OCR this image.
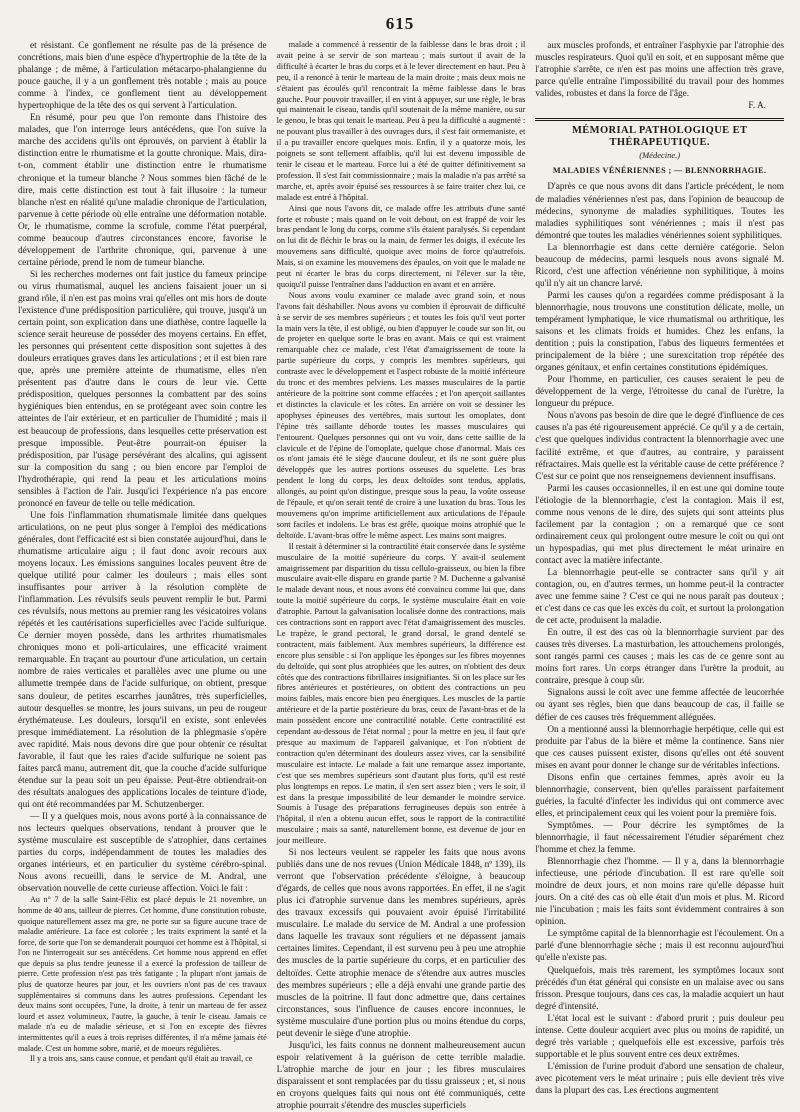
615

et résistant. Ce gonflement ne résulte pas de la présence de concrétions, mais bien d'une espèce d'hypertrophie de la tête de la phalange ; de même, à l'articulation métacarpo-phalangienne du pouce gauche, il y a un gonflement très notable ; mais au pouce comme à l'index, ce gonflement tient au développement hypertrophique de la tête des os qui servent à l'articulation.

En résumé, pour peu que l'on remonte dans l'histoire des malades, que l'on interroge leurs antécédens, que l'on suive la marche des accidens qu'ils ont éprouvés, on parvient à établir la distinction entre le rhumatisme et la goutte chronique. Mais, dira-t-on, comment établir une distinction entre le rhumatisme chronique et la tumeur blanche ? Nous sommes bien fâché de le dire, mais cette distinction est tout à fait illusoire : la tumeur blanche n'est en réalité qu'une maladie chronique de l'articulation, parvenue à cette période où elle entraîne une déformation notable. Or, le rhumatisme, comme la scrofule, comme l'état puerpéral, comme beaucoup d'autres circonstances encore, favorise le développement de l'arthrite chronique, qui, parvenue à une certaine période, prend le nom de tumeur blanche.

Si les recherches modernes ont fait justice du fameux principe ou virus rhumatismal, auquel les anciens faisaient jouer un si grand rôle, il n'en est pas moins vrai qu'elles ont mis hors de doute l'existence d'une prédisposition particulière, qui trouve, jusqu'à un certain point, son explication dans une diathèse, contre laquelle la science serait heureuse de posséder des moyens certains. En effet, les personnes qui présentent cette disposition sont sujettes à des douleurs erratiques graves dans les articulations ; et il est bien rare que, après une première atteinte de rhumatisme, elles n'en présentent pas d'autre dans le cours de leur vie. Cette prédisposition, quelques personnes la combattent par des soins hygiéniques bien entendus, en se protégeant avec soin contre les atteintes de l'air extérieur, et en particulier de l'humidité ; mais il est beaucoup de professions, dans lesquelles cette préservation est presque impossible. Peut-être pourrait-on épuiser la prédisposition, par l'usage persévérant des alcalins, qui agissent sur la composition du sang ; ou bien encore par l'emploi de l'hydrothérapie, qui rend la peau et les articulations moins sensibles à l'action de l'air. Jusqu'ici l'expérience n'a pas encore prononcé en faveur de telle ou telle médication.

Une fois l'inflammation rhumatismale limitée dans quelques articulations, on ne peut plus songer à l'emploi des médications générales, dont l'efficacité est si bien constatée aujourd'hui, dans le rhumatisme articulaire aigu ; il faut donc avoir recours aux moyens locaux. Les émissions sanguines locales peuvent être de quelque utilité pour calmer les douleurs ; mais elles sont insuffisantes pour arriver à la résolution complète de l'inflammation. Les révulsifs seuls peuvent remplir le but. Parmi ces révulsifs, nous mettons au premier rang les vésicatoires volans répétés et les cautérisations superficielles avec l'acide sulfurique. Ce dernier moyen possède, dans les arthrites rhumatismales chroniques mono et poli-articulaires, une efficacité vraiment remarquable. En traçant au pourtour d'une articulation, un certain nombre de raies verticales et parallèles avec une plume ou une allumette trempée dans de l'acide sulfurique, on obtient, presque sans douleur, de petites escarrhes jaunâtres, très superficielles, autour desquelles se montre, les jours suivans, un peu de rougeur érythémateuse. Les douleurs, lorsqu'il en existe, sont enlevées presque immédiatement. La résolution de la phlegmasie s'opère avec rapidité. Mais nous devons dire que pour obtenir ce résultat favorable, il faut que les raies d'acide sulfurique ne soient pas faites parcâ manu, autrement dit, que la couche d'acide sulfurique étendue sur la peau soit un peu épaisse. Peut-être obtiendrait-on des résultats analogues des applications locales de teinture d'iode, qui ont été recommandées par M. Schutzenberger.

— Il y a quelques mois, nous avons porté à la connaissance de nos lecteurs quelques observations, tendant à prouver que le système musculaire est susceptible de s'atrophier, dans certaines parties du corps, indépendamment de toutes les maladies des organes intérieurs, et en particulier du système cérébro-spinal. Nous avons recueilli, dans le service de M. Andral, une observation nouvelle de cette curieuse affection. Voici le fait :

Au n° 7 de la salle Saint-Félix est placé depuis le 21 novembre, un homme de 40 ans, tailleur de pierres. Cet homme, d'une constitution robuste, quoique naturellement assez ma gre, ne porte sur sa figure aucune trace de maladie antérieure. La face est colorée ; les traits expriment la santé et la force, de sorte que l'on se demanderait pourquoi cet homme est à l'hôpital, si l'on ne l'interrogeait sur ses antécédens. Cet homme nous apprend en effet que depuis sa plus tendre jeunesse il a exercé la profession de tailleur de pierre. Cette profession n'est pas très fatigante ; la plupart n'ont jamais de plus de quatorze heures par jour, et les ouvriers n'ont pas de ces travaux supplémentaires si communs dans les autres professions. Cependant les deux mains sont occupées, l'une, la droite, à tenir un marteau de fer assez lourd et assez volumineux, l'autre, la gauche, à tenir le ciseau. Jamais ce malade n'a eu de maladie sérieuse, et si l'on en excepte des fièvres intermittentes qu'il a eues à trois reprises différentes, il n'a même jamais été malade. C'est un homme sobre, marié, et de moeurs régulières.

Il y a trois ans, sans cause connue, et pendant qu'il était au travail, ce

malade a commencé à ressentir de la faiblesse dans le bras droit ; il avait peine à se servir de son marteau ; mais surtout il avait de la difficulté à écarter le bras du corps et à le lever directement en haut. Peu à peu, il a renoncé à tenir le marteau de la main droite ; mais deux mois ne s'étaient pas écoulés qu'il rencontrait la même faiblesse dans le bras gauche. Pour pouvoir travailler, il en vint à appuyer, sur une règle, le bras qui maintenait le ciseau, tandis qu'il soutenait de la même manière, ou sur le genou, le bras qui tenait le marteau. Peu à peu la difficulté a augmenté : ne pouvant plus travailler à des ouvrages durs, il s'est fait ormemaniste, et il a pu travailler encore quelques mois. Enfin, il y a quatorze mois, les poignets se sont tellement affaiblis, qu'il lui est devenu impossible de tenir le ciseau et le marteau. Force lui a été de quitter définitivement sa profession. Il s'est fait commissionnaire ; mais la maladie n'a pas arrêté sa marche, et, après avoir épuisé ses ressources à se faire traiter chez lui, ce malade est entré à l'hôpital.

Ainsi que nous l'avons dit, ce malade offre les attributs d'une santé forte et robuste ; mais quand on le voit debout, on est frappé de voir les bras pendant le long du corps, comme s'ils étaient paralysés. Si cependant on lui dit de fléchir le bras ou la main, de fermer les doigts, il exécute les mouvemens sans difficulté, quoique avec moins de force qu'autrefois. Mais, si on examine les mouvemens des épaules, on voit que le malade ne peut ni écarter le bras du corps directement, ni l'élever sur la tête, quoiqu'il puisse l'entraîner dans l'adduction en avant et en arrière.

Nous avons voulu examiner ce malade avec grand soin, et nous l'avons fait déshabiller. Nous avons vu combien il éprouvait de difficulté à se servir de ses membres supérieurs ; et toutes les fois qu'il veut porter la main vers la tête, il est obligé, ou bien d'appuyer le coude sur son lit, ou de projeter en quelque sorte le bras en avant. Mais ce qui est vraiment remarquable chez ce malade, c'est l'état d'amaigrissement de toute la partie supérieure du corps, y compris les membres supérieurs, qui contraste avec le développement et l'aspect robuste de la moitié inférieure du tronc et des membres pelviens. Les masses musculaires de la partie antérieure de la poitrine sont comme effacées ; et l'on aperçoit saillantes et distinctes la clavicule et les côtes. En arrière on voit se dessiner les apophyses épineuses des vertèbres, mais surtout les omoplates, dont l'épine très saillante déborde toutes les masses musculaires qui l'entourent. Quelques personnes qui ont vu voir, dans cette saillie de la clavicule et de l'épine de l'omoplate, quelque chose d'anormal. Mais ces os n'ont jamais été le siège d'aucune douleur, et ils ne sont guère plus développés que les autres portions osseuses du squelette. Les bras pendent le long du corps, les deux deltoïdes sont tendus, applatis, allongés, au point qu'on distingue, presque sous la peau, la voûte osseuse de l'épaule, et qu'on serait tenté de croire à une luxation du bras. Tous les mouvemens qu'on imprime artificiellement aux articulations de l'épaule sont faciles et indolens. Le bras est grêle, quoique moins atrophié que le deltoïde. L'avant-bras offre le même aspect. Les mains sont maigres.

Il restait à déterminer si la contractilité était conservée dans le système musculaire de la moitié supérieure du corps. Y avait-il seulement amaigrissement par disparition du tissu cellulo-graisseux, ou bien la fibre musculaire avait-elle disparu en grande partie ? M. Duchenne a galvanisé le malade devant nous, et nous avons été convaincu comme lui que, dans toute la moitié supérieure du corps, le système musculaire était en voie d'atrophie. Partout la galvanisation localisée donne des contractions, mais ces contractions sont en rapport avec l'état d'amaigrissement des muscles. Le trapèze, le grand pectoral, le grand dorsal, le grand dentelé se contractent, mais faiblement. Aux membres supérieurs, la différence est encore plus sensible : si l'on applique les éponges sur les fibres moyennes du deltoïde, qui sont plus atrophiées que les autres, on n'obtient des deux côtés que des contractions fibrillaires insignifiantes. Si on les place sur les fibres antérieures et postérieures, on obtient des contractions un peu moins faibles, mais encore bien peu énergiques. Les muscles de la partie antérieure et de la partie postérieure du bras, ceux de l'avant-bras et de la main possèdent encore une contractilité notable. Cette contractilité est cependant au-dessous de l'état normal ; pour la mettre en jeu, il faut qu'e presque au maximum de l'appareil galvanique, et l'on n'obtient de contraction qu'en déterminant des douleurs assez vives, car la sensibilité musculaire est intacte. Le malade a fait une remarque assez importante, c'est que ses membres supérieurs sont d'autant plus forts, qu'il est resté plus longtemps en repos. Le matin, il s'en sert assez bien ; vers le soir, il est dans la presque impossibilité de leur demander le moindre service. Soumis à l'usage des préparations ferrugineuses depuis son entrée à l'hôpital, il n'en a obtenu aucun effet, sous le rapport de la contractilité musculaire ; mais sa santé, naturellement bonne, est devenue de jour en jour meilleure.

Si nos lecteurs veulent se rappeler les faits que nous avons publiés dans une de nos revues (Union Médicale 1848, nº 139), ils verront que l'observation précédente s'éloigne, à beaucoup d'égards, de celles que nous avons rapportées. En effet, il ne s'agit plus ici d'atrophie survenue dans les membres supérieurs, après des travaux excessifs qui pouvaient avoir épuisé l'irritabilité musculaire. Le malade du service de M. Andral a une profession dans laquelle les travaux sont réguliers et ne dépassent jamais certaines limites. Cependant, il est survenu peu à peu une atrophie des muscles de la partie supérieure du corps, et en particulier des deltoïdes. Cette atrophie menace de s'étendre aux autres muscles des membres supérieurs ; elle a déjà envahi une grande partie des muscles de la poitrine. Il faut donc admettre que, dans certaines circonstances, sous l'influence de causes encore inconnues, le système musculaire d'une portion plus ou moins étendue du corps, peut devenir le siège d'une atrophie.

Jusqu'ici, les faits connus ne donnent malheureusement aucun espoir relativement à la guérison de cette terrible maladie. L'atrophie marche de jour en jour ; les fibres musculaires disparaissent et sont remplacées par du tissu graisseux ; et, si nous en croyons quelques faits qui nous ont été communiqués, cette atrophie pourrait s'étendre des muscles superficiels

aux muscles profonds, et entraîner l'asphyxie par l'atrophie des muscles respirateurs. Quoi qu'il en soit, et en supposant même que l'atrophie s'arrête, ce n'en est pas moins une affection très grave, parce qu'elle entraîne l'impossibilité du travail pour des hommes valides, robustes et dans la force de l'âge.

F. A.
MÉMORIAL PATHOLOGIQUE ET THÉRAPEUTIQUE.
(Médecine.)
MALADIES VÉNÉRIENNES ; — BLENNORRHAGIE.

D'après ce que nous avons dit dans l'article précédent, le nom de maladies vénériennes n'est pas, dans l'opinion de beaucoup de médecins, synonyme de maladies syphilitiques. Toutes les maladies syphilitiques sont vénériennes ; mais il n'est pas démontré que toutes les maladies vénériennes soient syphilitiques.

La blennorrhagie est dans cette dernière catégorie. Selon beaucoup de médecins, parmi lesquels nous avons signalé M. Ricord, c'est une affection vénérienne non syphilitique, à moins qu'il n'y ait un chancre larvé.

Parmi les causes qu'on a regardées comme prédisposant à la blennorrhagie, nous trouvons une constitution délicate, molle, un tempérament lymphatique, le vice rhumatismal ou arthritique, les saisons et les climats froids et humides. Chez les enfans, la dentition ; puis la constipation, l'abus des liqueurs fermentées et principalement de la bière ; une surexcitation trop répétée des organes génitaux, et enfin certaines constitutions épidémiques.

Pour l'homme, en particulier, ces causes seraient le peu de développement de la verge, l'étroitesse du canal de l'urètre, la longueur du prépuce.

Nous n'avons pas besoin de dire que le degré d'influence de ces causes n'a pas été rigoureusement apprécié. Ce qu'il y a de certain, c'est que quelques individus contractent la blennorrhagie avec une facilité extrême, et que d'autres, au contraire, y paraissent réfractaires. Mais quelle est la véritable cause de cette préférence ? C'est sur ce point que nos renseignemens deviennent insuffisans.

Parmi les causes occasionnelles, il en est une qui domine toute l'étiologie de la blennorrhagie, c'est la contagion. Mais il est, comme nous venons de le dire, des sujets qui sont atteints plus facilement par la contagion ; on a remarqué que ce sont ordinairement ceux qui prolongent outre mesure le coït ou qui ont un hypospadias, qui met plus directement le méat urinaire en contact avec la matière infectante.

La blennorrhagie peut-elle se contracter sans qu'il y ait contagion, ou, en d'autres termes, un homme peut-il la contracter avec une femme saine ? C'est ce qui ne nous paraît pas douteux ; et c'est dans ce cas que les excès du coït, et surtout la prolongation de cet acte, produisent la maladie.

En outre, il est des cas où la blennorrhagie survient par des causes très diverses. La masturbation, les attouchemens prolongés, sont rangés parmi ces causes ; mais les cas de ce genre sont au moins fort rares. Un corps étranger dans l'urètre la produit, au contraire, presque à coup sûr.

Signalons aussi le coït avec une femme affectée de leucorrhée ou ayant ses règles, bien que dans beaucoup de cas, il faille se défier de ces causes très fréquemment alléguées.

On a mentionné aussi la blennorrhagie herpétique, celle qui est produite par l'abus de la bière et même la continence. Sans nier que ces causes puissent exister, disons qu'elles ont été souvent mises en avant pour donner le change sur de véritables infections.

Disons enfin que certaines femmes, après avoir eu la blennorrhagie, conservent, bien qu'elles paraissent parfaitement guéries, la faculté d'infecter les individus qui ont commerce avec elles, et principalement ceux qui les voient pour la première fois.

Symptômes. — Pour décrire les symptômes de la blennorrhagie, il faut nécessairement l'étudier séparément chez l'homme et chez la femme.

Blennorrhagie chez l'homme. — Il y a, dans la blennorrhagie infectieuse, une période d'incubation. Il est rare qu'elle soit moindre de deux jours, et non moins rare qu'elle dépasse huit jours. On a cité des cas où elle était d'un mois et plus. M. Ricord nie l'incubation ; mais les faits sont évidemment contraires à son opinion.

Le symptôme capital de la blennorrhagie est l'écoulement. On a parlé d'une blennorrhagie sèche ; mais il est reconnu aujourd'hui qu'elle n'existe pas.

Quelquefois, mais très rarement, les symptômes locaux sont précédés d'un état général qui consiste en un malaise avec ou sans frisson. Presque toujours, dans ces cas, la maladie acquiert un haut degré d'intensité.

L'état local est le suivant : d'abord prurit ; puis douleur peu intense. Cette douleur acquiert avec plus ou moins de rapidité, un degré très variable ; quelquefois elle est excessive, parfois très supportable et le plus souvent entre ces deux extrêmes.

L'émission de l'urine produit d'abord une sensation de chaleur, avec picotement vers le méat urinaire ; puis elle devient très vive dans la plupart des cas. Les érections augmentent
